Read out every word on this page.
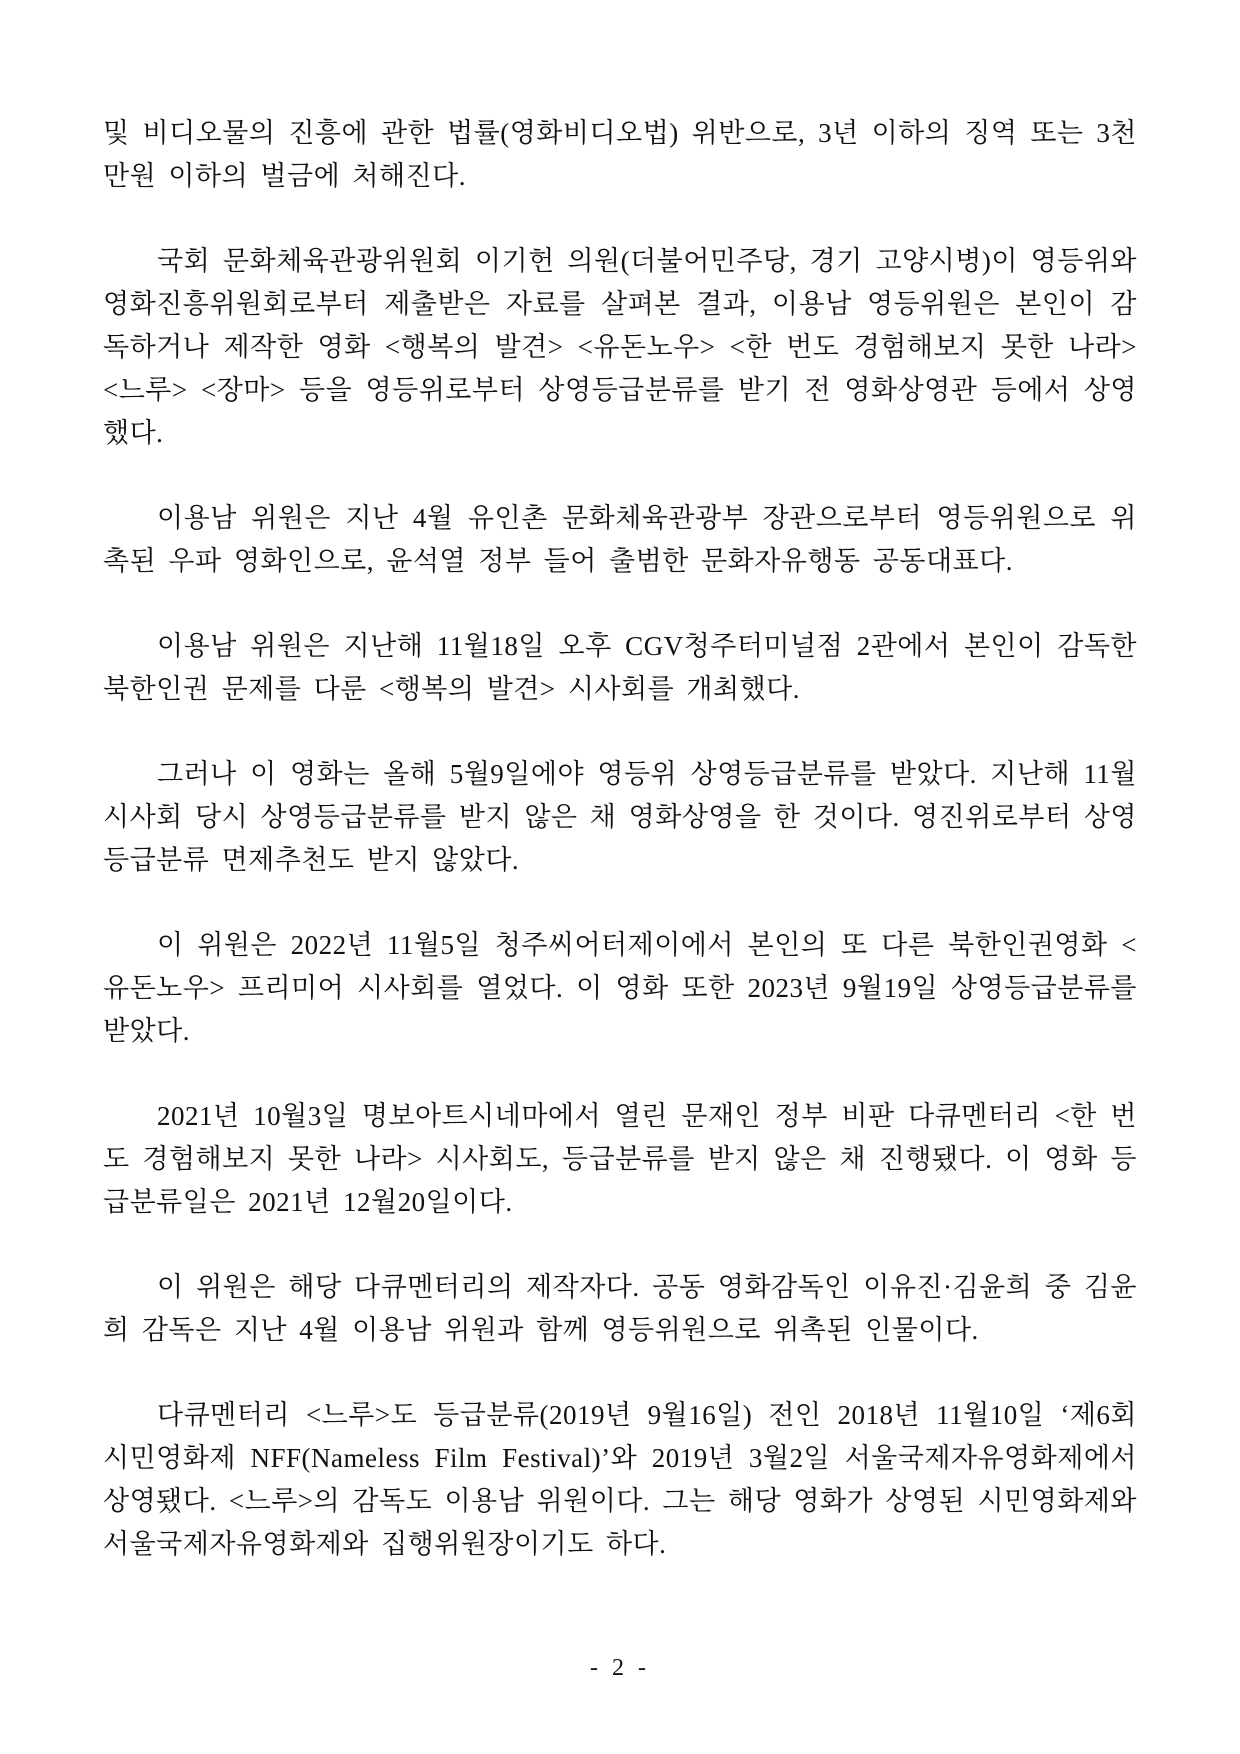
및 비디오물의 진흥에 관한 법률(영화비디오법) 위반으로, 3년 이하의 징역 또는 3천만원 이하의 벌금에 처해진다.

국회 문화체육관광위원회 이기헌 의원(더불어민주당, 경기 고양시병)이 영등위와 영화진흥위원회로부터 제출받은 자료를 살펴본 결과, 이용남 영등위원은 본인이 감독하거나 제작한 영화 <행복의 발견> <유돈노우> <한 번도 경험해보지 못한 나라> <느루> <장마> 등을 영등위로부터 상영등급분류를 받기 전 영화상영관 등에서 상영했다.

이용남 위원은 지난 4월 유인촌 문화체육관광부 장관으로부터 영등위원으로 위촉된 우파 영화인으로, 윤석열 정부 들어 출범한 문화자유행동 공동대표다.

이용남 위원은 지난해 11월18일 오후 CGV청주터미널점 2관에서 본인이 감독한 북한인권 문제를 다룬 <행복의 발견> 시사회를 개최했다.

그러나 이 영화는 올해 5월9일에야 영등위 상영등급분류를 받았다. 지난해 11월 시사회 당시 상영등급분류를 받지 않은 채 영화상영을 한 것이다. 영진위로부터 상영등급분류 면제추천도 받지 않았다.

이 위원은 2022년 11월5일 청주씨어터제이에서 본인의 또 다른 북한인권영화 <유돈노우> 프리미어 시사회를 열었다. 이 영화 또한 2023년 9월19일 상영등급분류를 받았다.

2021년 10월3일 명보아트시네마에서 열린 문재인 정부 비판 다큐멘터리 <한 번도 경험해보지 못한 나라> 시사회도, 등급분류를 받지 않은 채 진행됐다. 이 영화 등급분류일은 2021년 12월20일이다.

이 위원은 해당 다큐멘터리의 제작자다. 공동 영화감독인 이유진·김윤희 중 김윤희 감독은 지난 4월 이용남 위원과 함께 영등위원으로 위촉된 인물이다.

다큐멘터리 <느루>도 등급분류(2019년 9월16일) 전인 2018년 11월10일 ‘제6회 시민영화제 NFF(Nameless Film Festival)’와 2019년 3월2일 서울국제자유영화제에서 상영됐다. <느루>의 감독도 이용남 위원이다. 그는 해당 영화가 상영된 시민영화제와 서울국제자유영화제와 집행위원장이기도 하다.

- 2 -
